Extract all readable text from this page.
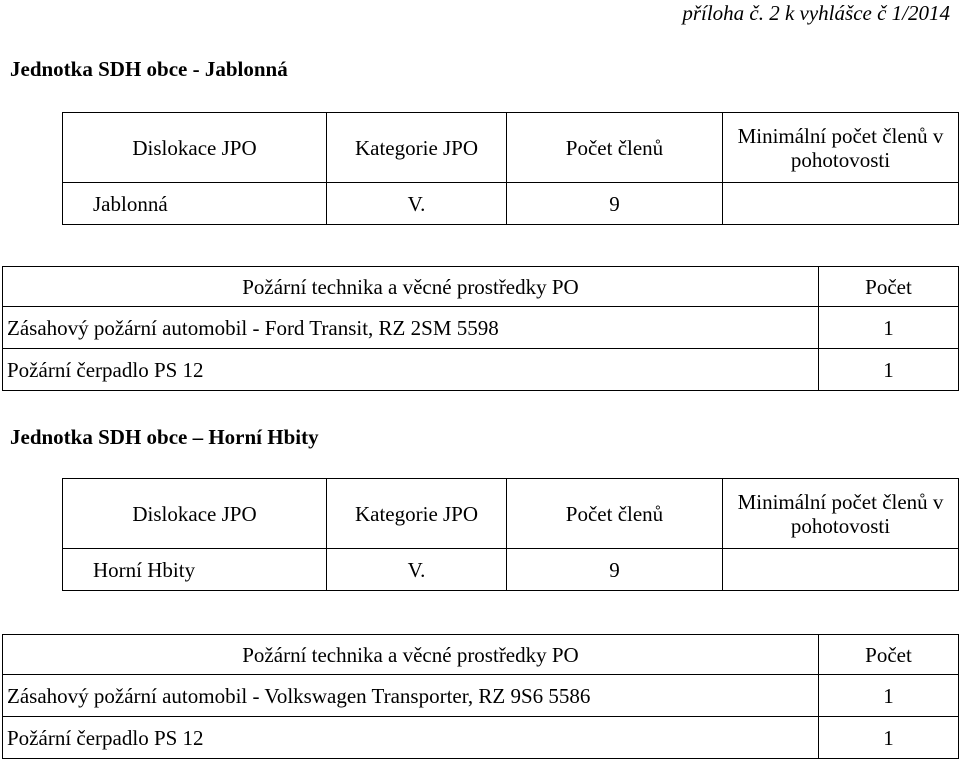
příloha č. 2 k vyhlášce č 1/2014
Jednotka SDH obce - Jablonná
Dislokace JPO	Kategorie JPO	Počet členů	Minimální počet členů v pohotovosti
Jablonná	V.	9	
Požární technika a věcné prostředky PO	Počet
Zásahový požární automobil - Ford Transit, RZ 2SM 5598	1
Požární čerpadlo PS 12	1
Jednotka SDH obce – Horní Hbity
Dislokace JPO	Kategorie JPO	Počet členů	Minimální počet členů v pohotovosti
Horní Hbity	V.	9	
Požární technika a věcné prostředky PO	Počet
Zásahový požární automobil - Volkswagen Transporter, RZ 9S6 5586	1
Požární čerpadlo PS 12	1
